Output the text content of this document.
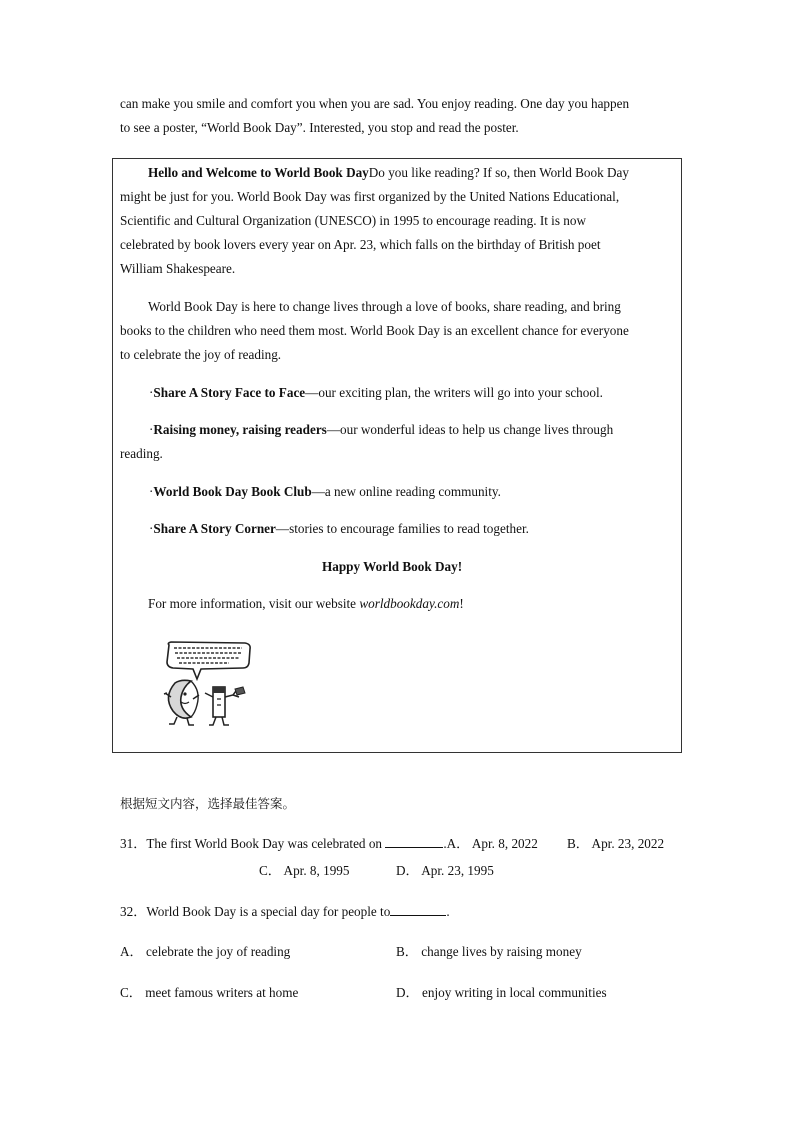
can make you smile and comfort you when you are sad. You enjoy reading. One day you happen
to see a poster, “World Book Day”. Interested, you stop and read the poster.
Hello and Welcome to World Book DayDo you like reading? If so, then World Book Day
might be just for you. World Book Day was first organized by the United Nations Educational,
Scientific and Cultural Organization (UNESCO) in 1995 to encourage reading. It is now
celebrated by book lovers every year on Apr. 23, which falls on the birthday of British poet
William Shakespeare.
World Book Day is here to change lives through a love of books, share reading, and bring
books to the children who need them most. World Book Day is an excellent chance for everyone
to celebrate the joy of reading.
·Share A Story Face to Face—our exciting plan, the writers will go into your school.
·Raising money, raising readers—our wonderful ideas to help us change lives through
reading.
·World Book Day Book Club—a new online reading community.
·Share A Story Corner—stories to encourage families to read together.
Happy World Book Day!
For more information, visit our website worldbookday.com!
根据短文内容，选择最佳答案。
31．The first World Book Day was celebrated on	.A． Apr. 8, 2022 B． Apr. 23, 2022
C． Apr. 8, 1995	D． Apr. 23, 1995
32．World Book Day is a special day for people to	.
A． celebrate the joy of reading	B． change lives by raising money
C． meet famous writers at home	D． enjoy writing in local communities
